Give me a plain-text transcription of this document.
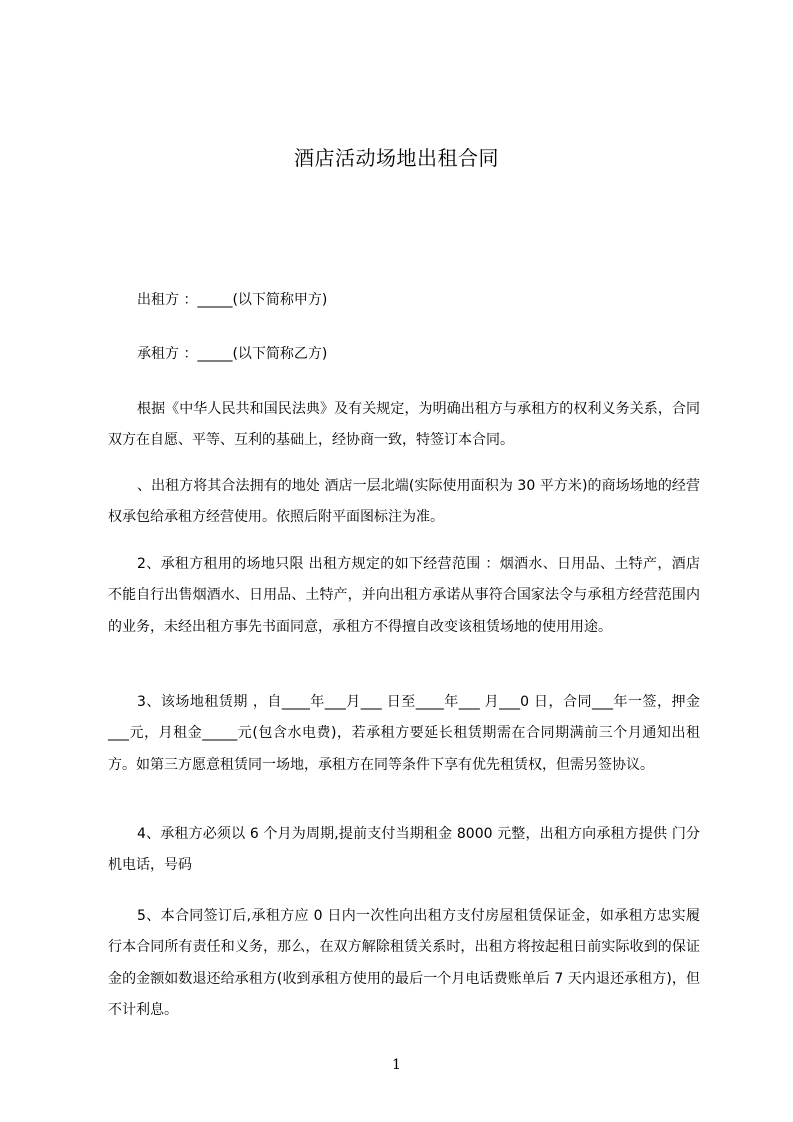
酒店活动场地出租合同
出租方 ：_____(以下简称甲方)
承租方 ：_____(以下简称乙方)
根据《中华人民共和国民法典》及有关规定，为明确出租方与承租方的权利义务关系，合同双方在自愿、平等、互利的基础上，经协商一致，特签订本合同。
、出租方将其合法拥有的地处 酒店一层北端(实际使用面积为 30 平方米)的商场场地的经营权承包给承租方经营使用。依照后附平面图标注为准。
2、承租方租用的场地只限 出租方规定的如下经营范围 ：烟酒水、日用品、土特产，酒店不能自行出售烟酒水、日用品、土特产，并向出租方承诺从事符合国家法令与承租方经营范围内的业务，未经出租方事先书面同意，承租方不得擅自改变该租赁场地的使用用途。
3、该场地租赁期 ，自____年___月___ 日至____年___ 月___0 日，合同___年一签，押金___元，月租金_____元(包含水电费)，若承租方要延长租赁期需在合同期满前三个月通知出租方。如第三方愿意租赁同一场地，承租方在同等条件下享有优先租赁权，但需另签协议。
4、承租方必须以 6 个月为周期,提前支付当期租金 8000 元整，出租方向承租方提供 门分机电话，号码
5、本合同签订后,承租方应 0 日内一次性向出租方支付房屋租赁保证金，如承租方忠实履行本合同所有责任和义务，那么，在双方解除租赁关系时，出租方将按起租日前实际收到的保证金的金额如数退还给承租方(收到承租方使用的最后一个月电话费账单后 7 天内退还承租方)，但不计利息。
1
